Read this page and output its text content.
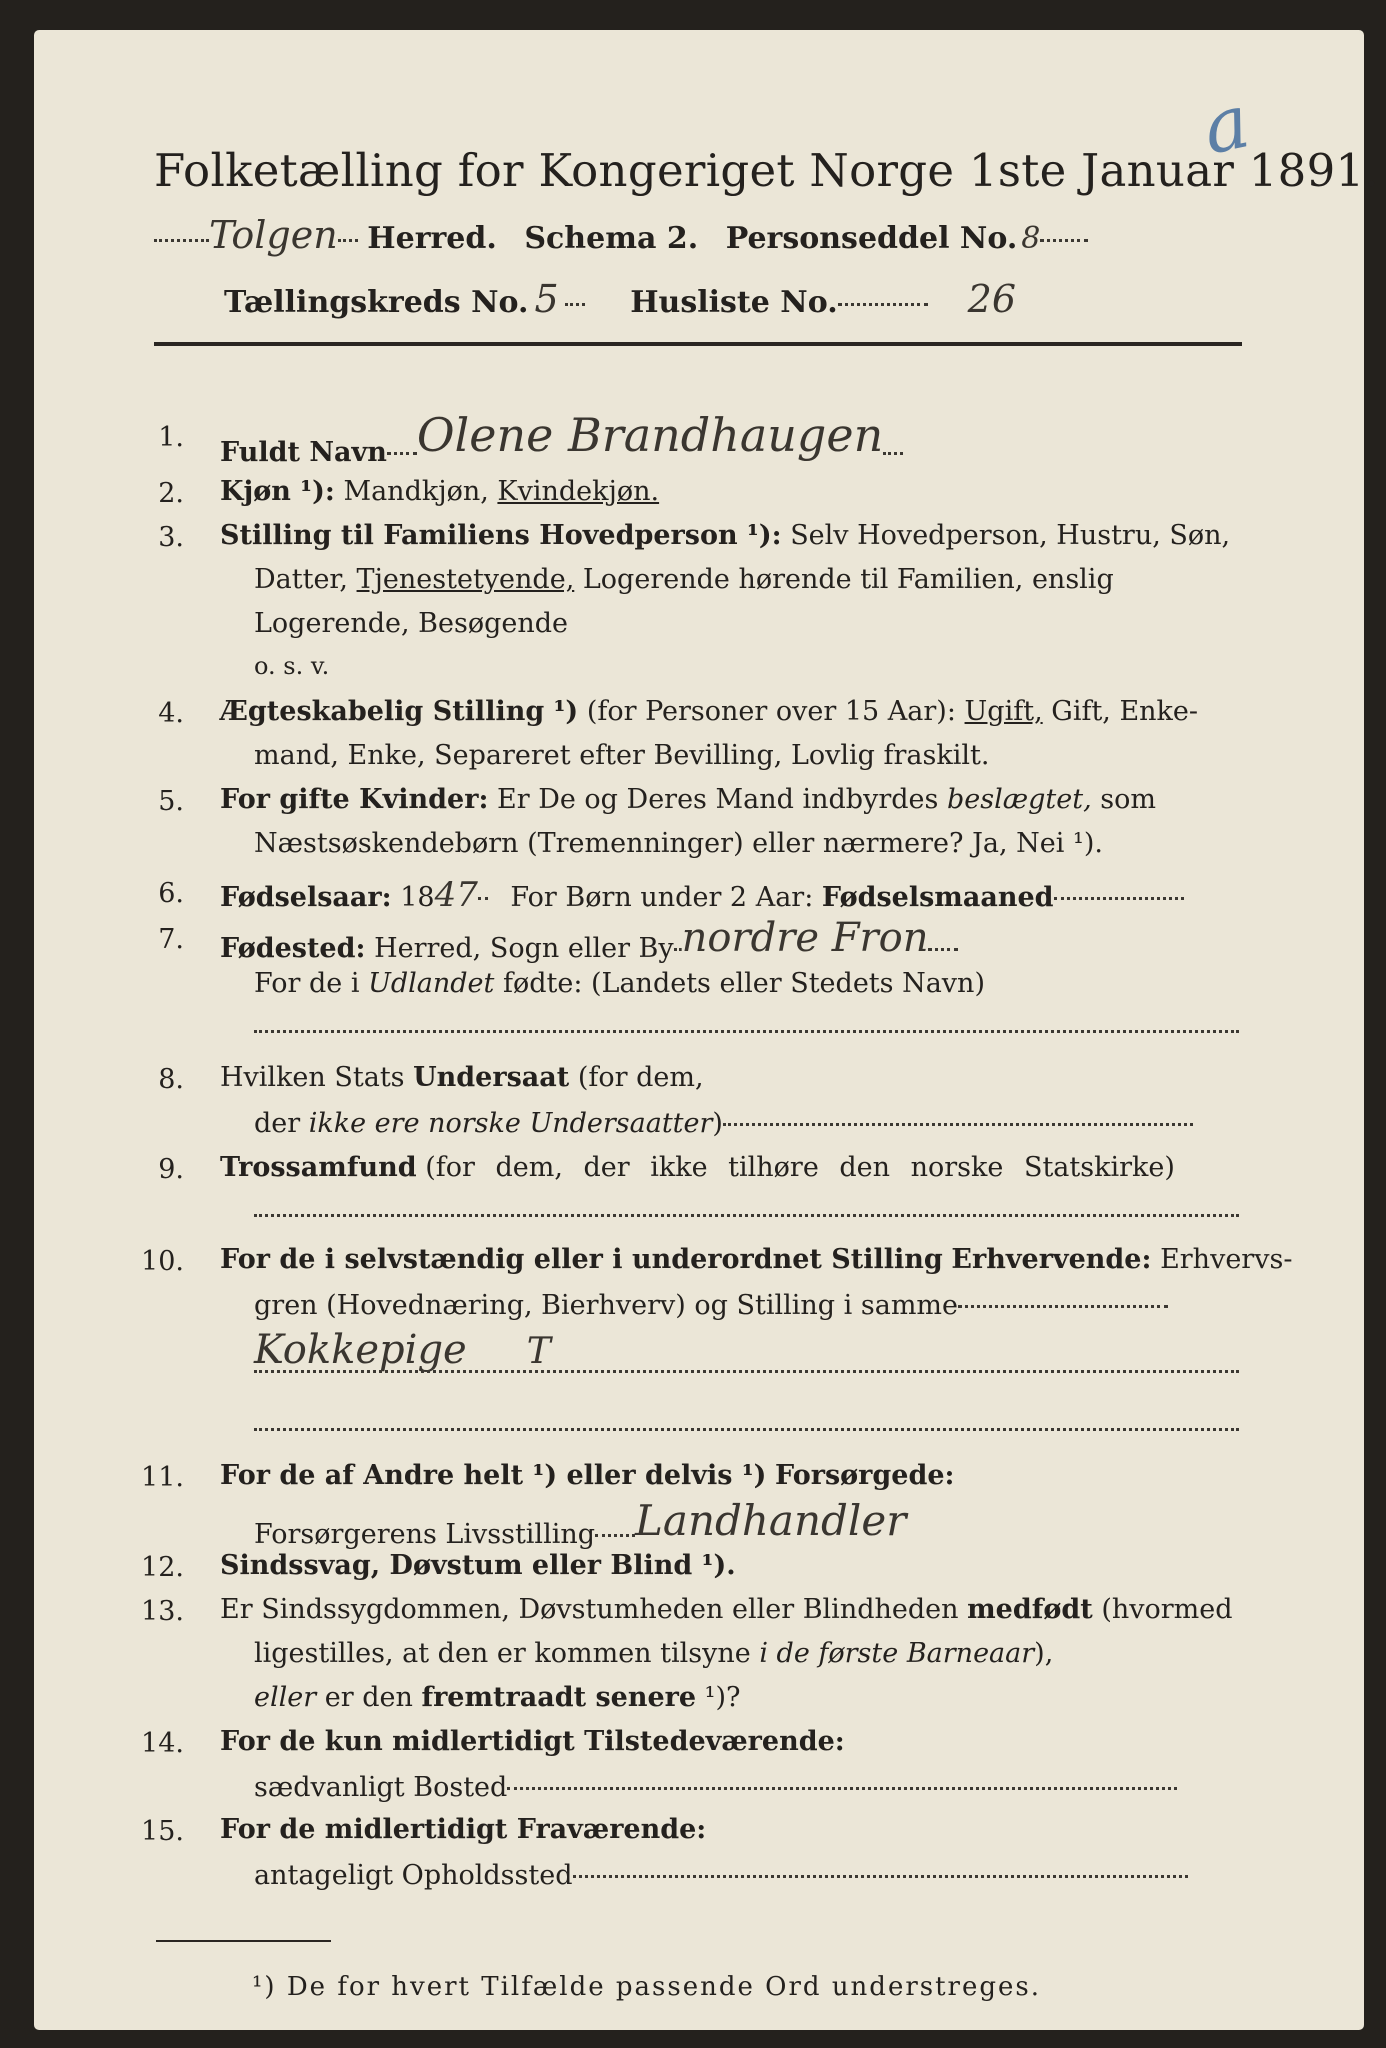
a
Folketælling for Kongeriget Norge 1ste Januar 1891.
Tolgen Herred. Schema 2. Personseddel No. 8
Tællingskreds No. 5 Husliste No.	26
1. Fuldt Navn Olene Brandhaugen
2. Kjøn ¹): Mandkjøn, Kvindekjøn.
3. Stilling til Familiens Hovedperson ¹): Selv Hovedperson, Hustru, Søn,
Datter, Tjenestetyende, Logerende hørende til Familien, enslig
Logerende, Besøgende
o. s. v.
4. Ægteskabelig Stilling ¹) (for Personer over 15 Aar): Ugift, Gift, Enke-
mand, Enke, Separeret efter Bevilling, Lovlig fraskilt.
5. For gifte Kvinder: Er De og Deres Mand indbyrdes beslægtet, som
Næstsøskendebørn (Tremenninger) eller nærmere? Ja, Nei ¹).
6. Fødselsaar: 1847 For Børn under 2 Aar: Fødselsmaaned
7. Fødested: Herred, Sogn eller By nordre Fron
For de i Udlandet fødte: (Landets eller Stedets Navn)
8. Hvilken Stats Undersaat (for dem,
der ikke ere norske Undersaatter)
9. Trossamfund (for dem, der ikke tilhøre den norske Statskirke)
10. For de i selvstændig eller i underordnet Stilling Erhvervende: Erhvervs-
gren (Hovednæring, Bierhverv) og Stilling i samme
Kokkepige T
11. For de af Andre helt ¹) eller delvis ¹) Forsørgede:
Forsørgerens Livsstilling Landhandler
12. Sindssvag, Døvstum eller Blind ¹).
13. Er Sindssygdommen, Døvstumheden eller Blindheden medfødt (hvormed
ligestilles, at den er kommen tilsyne i de første Barneaar),
eller er den fremtraadt senere ¹)?
14. For de kun midlertidigt Tilstedeværende:
sædvanligt Bosted
15. For de midlertidigt Fraværende:
antageligt Opholdssted
¹) De for hvert Tilfælde passende Ord understreges.
